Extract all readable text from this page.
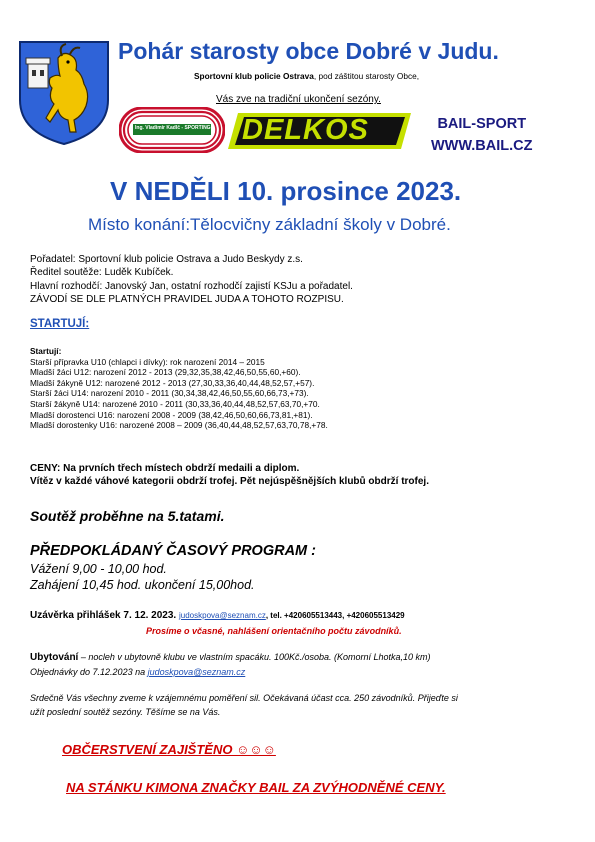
Pohár starosty obce Dobré v Judu.
Sportovní klub policie Ostrava, pod záštitou starosty Obce,
Vás zve na tradiční ukončení sezóny.
Ing. Vladimír Kadlč - SPORTING DELKOS	BAIL-SPORT
WWW.BAIL.CZ
V NEDĚLI 10. prosince 2023.
Místo konání:Tělocvičny základní školy v Dobré.
Pořadatel: Sportovní klub policie Ostrava a Judo Beskydy z.s.
Ředitel soutěže: Luděk Kubíček.
Hlavní rozhodčí: Janovský Jan, ostatní rozhodčí zajistí KSJu a pořadatel.
ZÁVODÍ SE DLE PLATNÝCH PRAVIDEL JUDA A TOHOTO ROZPISU.
STARTUJÍ:
Startují:
Starší přípravka U10 (chlapci i dívky): rok narození 2014 – 2015
Mladší žáci U12: narození 2012 - 2013 (29,32,35,38,42,46,50,55,60,+60).
Mladší žákyně U12: narozené 2012 - 2013 (27,30,33,36,40,44,48,52,57,+57).
Starší žáci U14: narození 2010 - 2011 (30,34,38,42,46,50,55,60,66,73,+73).
Starší žákyně U14: narozené 2010 - 2011 (30,33,36,40,44,48,52,57,63,70,+70.
Mladší dorostenci U16: narození 2008 - 2009 (38,42,46,50,60,66,73,81,+81).
Mladší dorostenky U16: narozené 2008 – 2009 (36,40,44,48,52,57,63,70,78,+78.
CENY: Na prvních třech místech obdrží medaili a diplom.
Vítěz v každé váhové kategorii obdrží trofej. Pět nejúspěšnějších klubů obdrží trofej.
Soutěž proběhne na 5.tatami.
PŘEDPOKLÁDANÝ ČASOVÝ PROGRAM :
Vážení 9,00 - 10,00 hod.
Zahájení 10,45 hod. ukončení 15,00hod.
Uzávěrka přihlášek 7. 12. 2023. judoskpova@seznam.cz, tel. +420605513443, +420605513429
Prosíme o včasné, nahlášení orientačního počtu závodníků.
Ubytování – nocleh v ubytovně klubu ve vlastním spacáku. 100Kč./osoba. (Komorní Lhotka,10 km)
Objednávky do 7.12.2023 na judoskpova@seznam.cz
Srdečně Vás všechny zveme k vzájemnému poměření sil. Očekávaná účast cca. 250 závodníků. Přijeďte si
užít poslední soutěž sezóny. Těšíme se na Vás.
OBČERSTVENÍ ZAJIŠTĚNO ☺☺☺
NA STÁNKU KIMONA ZNAČKY BAIL ZA ZVÝHODNĚNÉ CENY.
